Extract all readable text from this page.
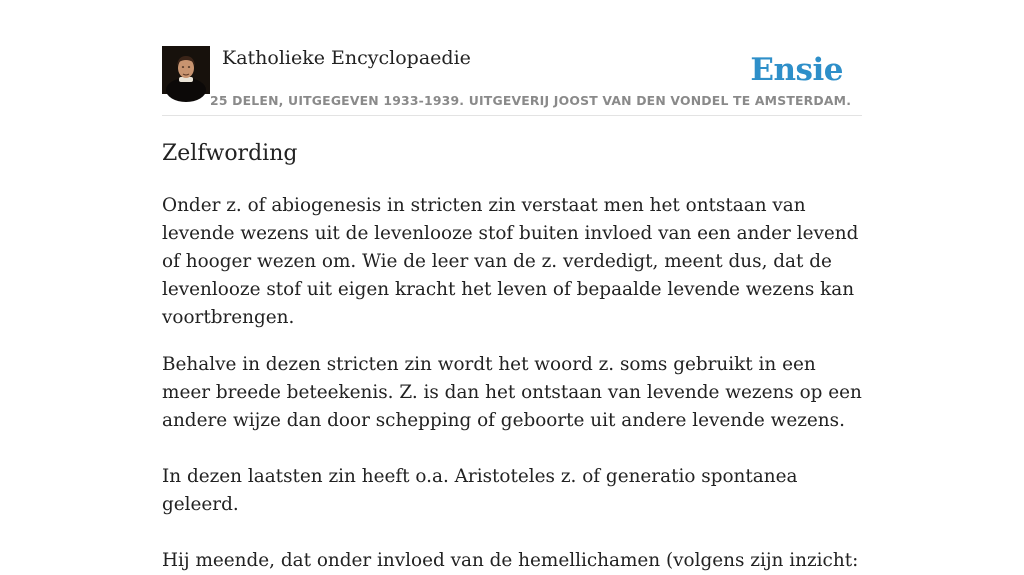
Katholieke Encyclopaedie
25 DELEN, UITGEGEVEN 1933-1939. UITGEVERIJ JOOST VAN DEN VONDEL TE AMSTERDAM.
Ensie
Zelfwording

Onder z. of abiogenesis in stricten zin verstaat men het ontstaan van levende wezens uit de levenlooze stof buiten invloed van een ander levend of hooger wezen om. Wie de leer van de z. verdedigt, meent dus, dat de levenlooze stof uit eigen kracht het leven of bepaalde levende wezens kan voortbrengen.

Behalve in dezen stricten zin wordt het woord z. soms gebruikt in een meer breede beteekenis. Z. is dan het ontstaan van levende wezens op een andere wijze dan door schepping of geboorte uit andere levende wezens.

In dezen laatsten zin heeft o.a. Aristoteles z. of generatio spontanea geleerd.

Hij meende, dat onder invloed van de hemellichamen (volgens zijn inzicht:
